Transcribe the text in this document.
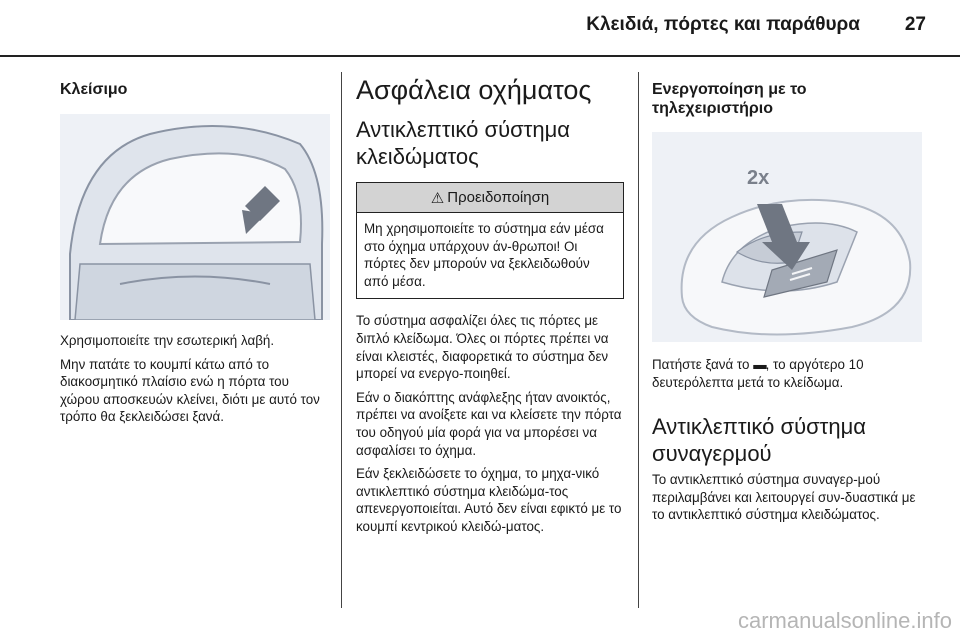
Κλειδιά, πόρτες και παράθυρα	27
Κλείσιμο

Χρησιμοποιείτε την εσωτερική λαβή.

Μην πατάτε το κουμπί κάτω από το διακοσμητικό πλαίσιο ενώ η πόρτα του χώρου αποσκευών κλείνει, διότι με αυτό τον τρόπο θα ξεκλειδώσει ξανά.

Ασφάλεια οχήματος
Αντικλεπτικό σύστημα κλειδώματος
⚠ Προειδοποίηση
Μη χρησιμοποιείτε το σύστημα εάν μέσα στο όχημα υπάρχουν άν-θρωποι! Οι πόρτες δεν μπορούν να ξεκλειδωθούν από μέσα.

Το σύστημα ασφαλίζει όλες τις πόρτες με διπλό κλείδωμα. Όλες οι πόρτες πρέπει να είναι κλειστές, διαφορετικά το σύστημα δεν μπορεί να ενεργο-ποιηθεί.

Εάν ο διακόπτης ανάφλεξης ήταν ανοικτός, πρέπει να ανοίξετε και να κλείσετε την πόρτα του οδηγού μία φορά για να μπορέσει να ασφαλίσει το όχημα.

Εάν ξεκλειδώσετε το όχημα, το μηχα-νικό αντικλεπτικό σύστημα κλειδώμα-τος απενεργοποιείται. Αυτό δεν είναι εφικτό με το κουμπί κεντρικού κλειδώ-ματος.

Ενεργοποίηση με το τηλεχειριστήριο
2x

Πατήστε ξανά το ▬, το αργότερο 10 δευτερόλεπτα μετά το κλείδωμα.

Αντικλεπτικό σύστημα συναγερμού

Το αντικλεπτικό σύστημα συναγερ-μού περιλαμβάνει και λειτουργεί συν-δυαστικά με το αντικλεπτικό σύστημα κλειδώματος.

carmanualsonline.info
